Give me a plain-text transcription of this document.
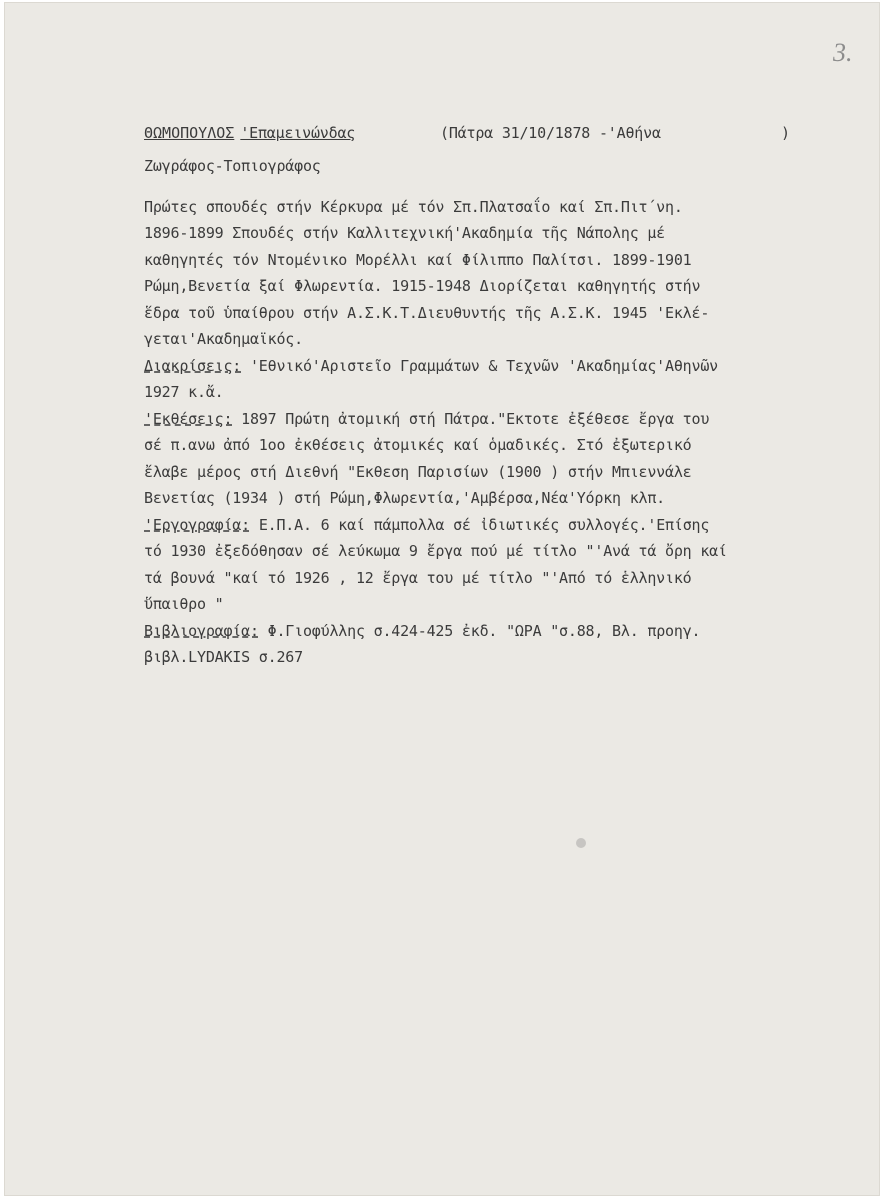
3.
ΘΩΜΟΠΟΥΛΟΣ 'Επαμεινώνδας	(Πάτρα 31/10/1878 -'Αθήνα	)
Ζωγράφος-Τοπιογράφος
Πρώτες σπουδές στήν Κέρκυρα μέ τόν Σπ.Πλατσαΐο καί Σπ.Πιτ΄νη.
1896-1899 Σπουδές στήν Καλλιτεχνική'Ακαδημία τῆς Νάπολης μέ
καθηγητές τόν Ντομένικο Μορέλλι καί Φίλιππο Παλίτσι. 1899-1901
Ρώμη,Βενετία ξαί Φλωρεντία. 1915-1948 Διορίζεται καθηγητής στήν
ἕδρα τοῦ ὑπαίθρου στήν Α.Σ.Κ.Τ.Διευθυντής τῆς Α.Σ.Κ. 1945 'Εκλέ-
γεται'Ακαδημαϊκός.
Διακρίσεις: 'Εθνικό'Αριστεῖο Γραμμάτων & Τεχνῶν 'Ακαδημίας'Αθηνῶν
1927 κ.ἄ.
'Εκθέσεις: 1897 Πρώτη ἀτομική στή Πάτρα."Εκτοτε ἐξέθεσε ἔργα του
σέ π.ανω ἀπό 1oo ἐκθέσεις ἀτομικές καί ὁμαδικές. Στό ἐξωτερικό
ἔλαβε μέρος στή Διεθνή "Εκθεση Παρισίων (1900 ) στήν Μπιεννάλε
Βενετίας (1934 ) στή Ρώμη,Φλωρεντία,'Αμβέρσα,Νέα'Υόρκη κλπ.
'Εργογραφία: Ε.Π.Α. 6 καί πάμπολλα σέ ἰδιωτικές συλλογές.'Επίσης
τό 1930 ἐξεδόθησαν σέ λεύκωμα 9 ἔργα πού μέ τίτλο "'Ανά τά ὄρη καί
τά βουνά "καί τό 1926 , 12 ἔργα του μέ τίτλο "'Από τό ἑλληνικό
ὕπαιθρο "
Βιβλιογραφία: Φ.Γιοφύλλης σ.424-425 ἐκδ. "ΩΡΑ "σ.88, Βλ. προηγ.
βιβλ.LYDAKIS σ.267
